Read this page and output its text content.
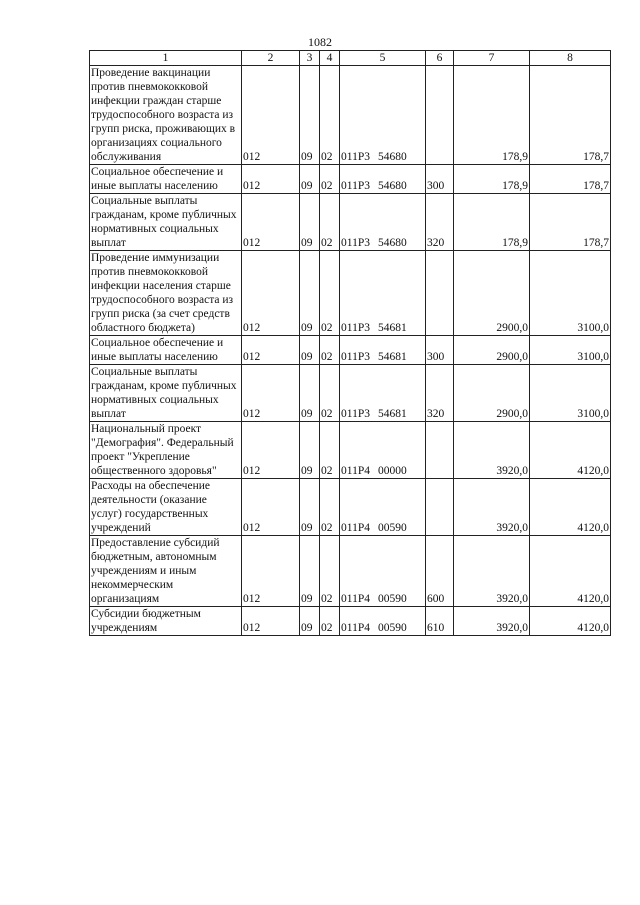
1082
1	2	3	4	5	6	7	8
Проведение вакцинации против пневмококковой инфекции граждан старше трудоспособного возраста из групп риска, проживающих в организациях социального обслуживания	012	09	02	011P3 54680		178,9	178,7
Социальное обеспечение и иные выплаты населению	012	09	02	011P3 54680	300	178,9	178,7
Социальные выплаты гражданам, кроме публичных нормативных социальных выплат	012	09	02	011P3 54680	320	178,9	178,7
Проведение иммунизации против пневмококковой инфекции населения старше трудоспособного возраста из групп риска (за счет средств областного бюджета)	012	09	02	011P3 54681		2900,0	3100,0
Социальное обеспечение и иные выплаты населению	012	09	02	011P3 54681	300	2900,0	3100,0
Социальные выплаты гражданам, кроме публичных нормативных социальных выплат	012	09	02	011P3 54681	320	2900,0	3100,0
Национальный проект "Демография". Федеральный проект "Укрепление общественного здоровья"	012	09	02	011P4 00000		3920,0	4120,0
Расходы на обеспечение деятельности (оказание услуг) государственных учреждений	012	09	02	011P4 00590		3920,0	4120,0
Предоставление субсидий бюджетным, автономным учреждениям и иным некоммерческим организациям	012	09	02	011P4 00590	600	3920,0	4120,0
Субсидии бюджетным учреждениям	012	09	02	011P4 00590	610	3920,0	4120,0
